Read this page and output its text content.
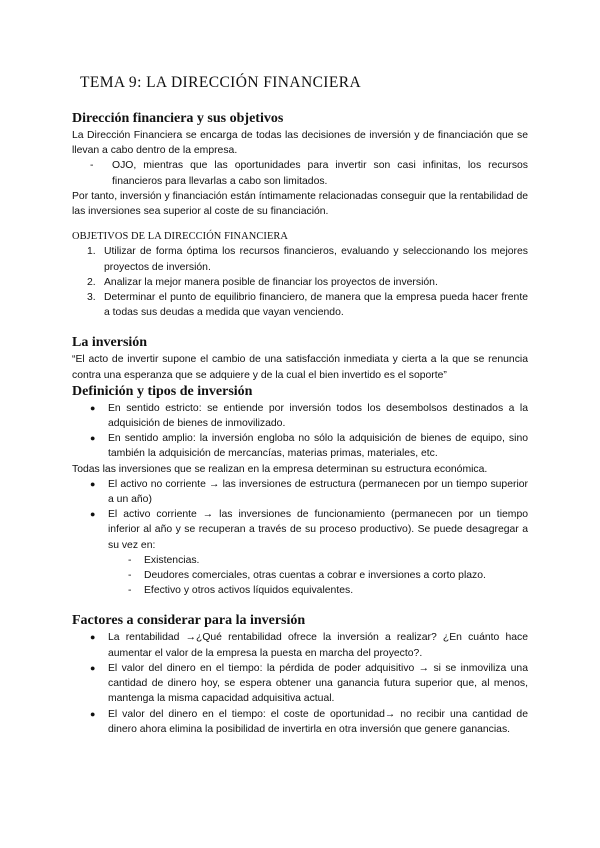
TEMA 9: LA DIRECCIÓN FINANCIERA
Dirección financiera y sus objetivos

La Dirección Financiera se encarga de todas las decisiones de inversión y de financiación que se llevan a cabo dentro de la empresa.

- OJO, mientras que las oportunidades para invertir son casi infinitas, los recursos financieros para llevarlas a cabo son limitados.

Por tanto, inversión y financiación están íntimamente relacionadas conseguir que la rentabilidad de las inversiones sea superior al coste de su financiación.

OBJETIVOS DE LA DIRECCIÓN FINANCIERA
1. Utilizar de forma óptima los recursos financieros, evaluando y seleccionando los mejores proyectos de inversión.
2. Analizar la mejor manera posible de financiar los proyectos de inversión.
3. Determinar el punto de equilibrio financiero, de manera que la empresa pueda hacer frente a todas sus deudas a medida que vayan venciendo.
La inversión

“El acto de invertir supone el cambio de una satisfacción inmediata y cierta a la que se renuncia contra una esperanza que se adquiere y de la cual el bien invertido es el soporte”

Definición y tipos de inversión
● En sentido estricto: se entiende por inversión todos los desembolsos destinados a la adquisición de bienes de inmovilizado.
● En sentido amplio: la inversión engloba no sólo la adquisición de bienes de equipo, sino también la adquisición de mercancías, materias primas, materiales, etc.

Todas las inversiones que se realizan en la empresa determinan su estructura económica.

● El activo no corriente → las inversiones de estructura (permanecen por un tiempo superior a un año)
● El activo corriente → las inversiones de funcionamiento (permanecen por un tiempo inferior al año y se recuperan a través de su proceso productivo). Se puede desagregar a su vez en:
- Existencias.
- Deudores comerciales, otras cuentas a cobrar e inversiones a corto plazo.
- Efectivo y otros activos líquidos equivalentes.
Factores a considerar para la inversión
● La rentabilidad →¿Qué rentabilidad ofrece la inversión a realizar? ¿En cuánto hace aumentar el valor de la empresa la puesta en marcha del proyecto?.
● El valor del dinero en el tiempo: la pérdida de poder adquisitivo → si se inmoviliza una cantidad de dinero hoy, se espera obtener una ganancia futura superior que, al menos, mantenga la misma capacidad adquisitiva actual.
● El valor del dinero en el tiempo: el coste de oportunidad→ no recibir una cantidad de dinero ahora elimina la posibilidad de invertirla en otra inversión que genere ganancias.
